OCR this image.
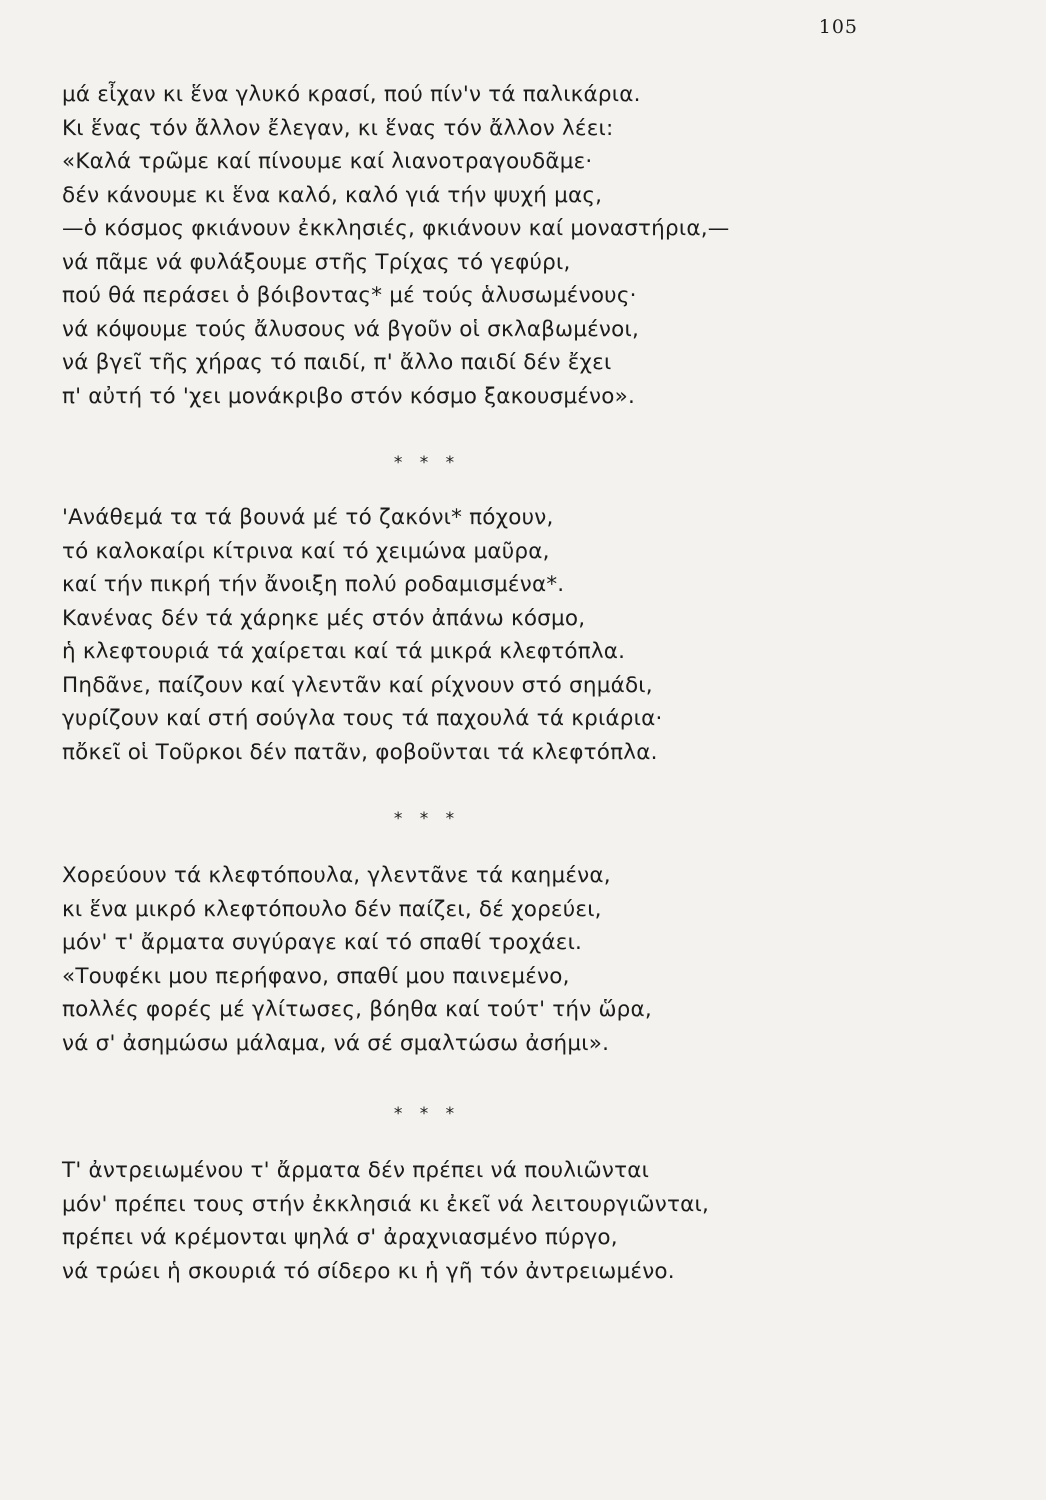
105
μά εἶχαν κι ἕνα γλυκό κρασί, πού πίν'ν τά παλικάρια.
Κι ἕνας τόν ἄλλον ἔλεγαν, κι ἕνας τόν ἄλλον λέει:
«Καλά τρῶμε καί πίνουμε καί λιανοτραγουδᾶμε·
δέν κάνουμε κι ἕνα καλό, καλό γιά τήν ψυχή μας,
—ὁ κόσμος φκιάνουν ἐκκλησιές, φκιάνουν καί μοναστήρια,—
νά πᾶμε νά φυλάξουμε στῆς Τρίχας τό γεφύρι,
πού θά περάσει ὁ βόιβοντας* μέ τούς ἁλυσωμένους·
νά κόψουμε τούς ἄλυσους νά βγοῦν οἱ σκλαβωμένοι,
νά βγεῖ τῆς χήρας τό παιδί, π' ἄλλο παιδί δέν ἔχει
π' αὐτή τό 'χει μονάκριβο στόν κόσμο ξακουσμένο».
* * *
'Ανάθεμά τα τά βουνά μέ τό ζακόνι* πόχουν,
τό καλοκαίρι κίτρινα καί τό χειμώνα μαῦρα,
καί τήν πικρή τήν ἄνοιξη πολύ ροδαμισμένα*.
Κανένας δέν τά χάρηκε μές στόν ἀπάνω κόσμο,
ἡ κλεφτουριά τά χαίρεται καί τά μικρά κλεφτόπλα.
Πηδᾶνε, παίζουν καί γλεντᾶν καί ρίχνουν στό σημάδι,
γυρίζουν καί στή σούγλα τους τά παχουλά τά κριάρια·
πὄκεῖ οἱ Τοῦρκοι δέν πατᾶν, φοβοῦνται τά κλεφτόπλα.
* * *
Χορεύουν τά κλεφτόπουλα, γλεντᾶνε τά καημένα,
κι ἕνα μικρό κλεφτόπουλο δέν παίζει, δέ χορεύει,
μόν' τ' ἄρματα συγύραγε καί τό σπαθί τροχάει.
«Τουφέκι μου περήφανο, σπαθί μου παινεμένο,
πολλές φορές μέ γλίτωσες, βόηθα καί τούτ' τήν ὥρα,
νά σ' ἀσημώσω μάλαμα, νά σέ σμαλτώσω ἀσήμι».
* * *
Τ' ἀντρειωμένου τ' ἄρματα δέν πρέπει νά πουλιῶνται
μόν' πρέπει τους στήν ἐκκλησιά κι ἐκεῖ νά λειτουργιῶνται,
πρέπει νά κρέμονται ψηλά σ' ἀραχνιασμένο πύργο,
νά τρώει ἡ σκουριά τό σίδερο κι ἡ γῆ τόν ἀντρειωμένο.
